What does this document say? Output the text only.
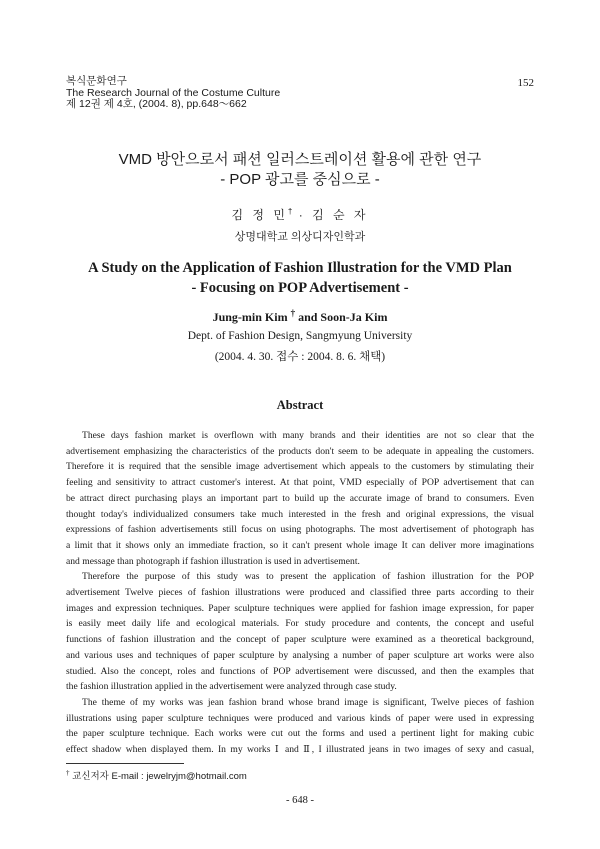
복식문화연구
The Research Journal of the Costume Culture
제 12권 제 4호, (2004. 8), pp.648～662
152
VMD 방안으로서 패션 일러스트레이션 활용에 관한 연구
- POP 광고를 중심으로 -
김 정 민† · 김 순 자
상명대학교 의상디자인학과
A Study on the Application of Fashion Illustration for the VMD Plan
- Focusing on POP Advertisement -
Jung-min Kim † and Soon-Ja Kim
Dept. of Fashion Design, Sangmyung University
(2004. 4. 30. 접수 : 2004. 8. 6. 채택)
Abstract
These days fashion market is overflown with many brands and their identities are not so clear that the
advertisement emphasizing the characteristics of the products don't seem to be adequate in appealing the customers.
Therefore it is required that the sensible image advertisement which appeals to the customers by stimulating their
feeling and sensitivity to attract customer's interest. At that point, VMD especially of POP advertisement that can
be attract direct purchasing plays an important part to build up the accurate image of brand to consumers. Even
thought today's individualized consumers take much interested in the fresh and original expressions, the visual
expressions of fashion advertisements still focus on using photographs. The most advertisement of photograph has
a limit that it shows only an immediate fraction, so it can't present whole image It can deliver more imaginations
and message than photograph if fashion illustration is used in advertisement.
Therefore the purpose of this study was to present the application of fashion illustration for the POP
advertisement Twelve pieces of fashion illustrations were produced and classified three parts according to their
images and expression techniques. Paper sculpture techniques were applied for fashion image expression, for paper
is easily meet daily life and ecological materials. For study procedure and contents, the concept and useful
functions of fashion illustration and the concept of paper sculpture were examined as a theoretical background,
and various uses and techniques of paper sculpture by analysing a number of paper sculpture art works were also
studied. Also the concept, roles and functions of POP advertisement were discussed, and then the examples that
the fashion illustration applied in the advertisement were analyzed through case study.
The theme of my works was jean fashion brand whose brand image is significant, Twelve pieces of fashion
illustrations using paper sculpture techniques were produced and various kinds of paper were used in expressing
the paper sculpture technique. Each works were cut out the forms and used a pertinent light for making cubic
effect shadow when displayed them. In my works Ⅰ and Ⅱ, I illustrated jeans in two images of sexy and casual,
† 교신저자 E-mail : jewelryjm@hotmail.com
- 648 -
